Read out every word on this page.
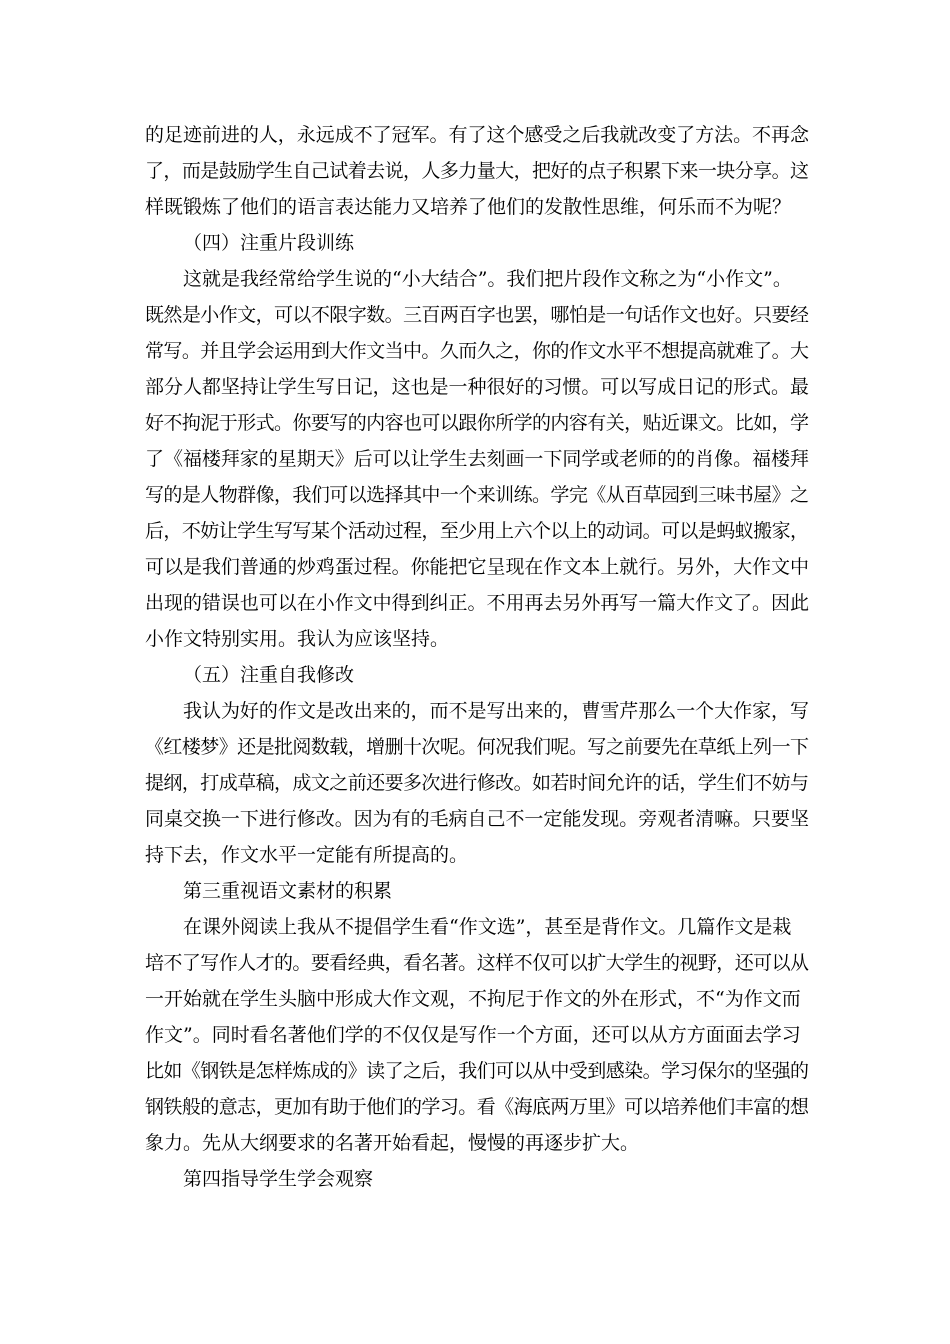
的足迹前进的人，永远成不了冠军。有了这个感受之后我就改变了方法。不再念
了，而是鼓励学生自己试着去说，人多力量大，把好的点子积累下来一块分享。这
样既锻炼了他们的语言表达能力又培养了他们的发散性思维，何乐而不为呢？
（四）注重片段训练
这就是我经常给学生说的“小大结合”。我们把片段作文称之为“小作文”。
既然是小作文，可以不限字数。三百两百字也罢，哪怕是一句话作文也好。只要经
常写。并且学会运用到大作文当中。久而久之，你的作文水平不想提高就难了。大
部分人都坚持让学生写日记，这也是一种很好的习惯。可以写成日记的形式。最
好不拘泥于形式。你要写的内容也可以跟你所学的内容有关，贴近课文。比如，学
了《福楼拜家的星期天》后可以让学生去刻画一下同学或老师的的肖像。福楼拜
写的是人物群像，我们可以选择其中一个来训练。学完《从百草园到三味书屋》之
后，不妨让学生写写某个活动过程，至少用上六个以上的动词。可以是蚂蚁搬家，
可以是我们普通的炒鸡蛋过程。你能把它呈现在作文本上就行。另外，大作文中
出现的错误也可以在小作文中得到纠正。不用再去另外再写一篇大作文了。因此
小作文特别实用。我认为应该坚持。
（五）注重自我修改
我认为好的作文是改出来的，而不是写出来的，曹雪芹那么一个大作家，写
《红楼梦》还是批阅数载，增删十次呢。何况我们呢。写之前要先在草纸上列一下
提纲，打成草稿，成文之前还要多次进行修改。如若时间允许的话，学生们不妨与
同桌交换一下进行修改。因为有的毛病自己不一定能发现。旁观者清嘛。只要坚
持下去，作文水平一定能有所提高的。
第三重视语文素材的积累
在课外阅读上我从不提倡学生看“作文选”，甚至是背作文。几篇作文是栽
培不了写作人才的。要看经典，看名著。这样不仅可以扩大学生的视野，还可以从
一开始就在学生头脑中形成大作文观，不拘尼于作文的外在形式，不“为作文而
作文”。同时看名著他们学的不仅仅是写作一个方面，还可以从方方面面去学习
比如《钢铁是怎样炼成的》读了之后，我们可以从中受到感染。学习保尔的坚强的
钢铁般的意志，更加有助于他们的学习。看《海底两万里》可以培养他们丰富的想
象力。先从大纲要求的名著开始看起，慢慢的再逐步扩大。
第四指导学生学会观察
